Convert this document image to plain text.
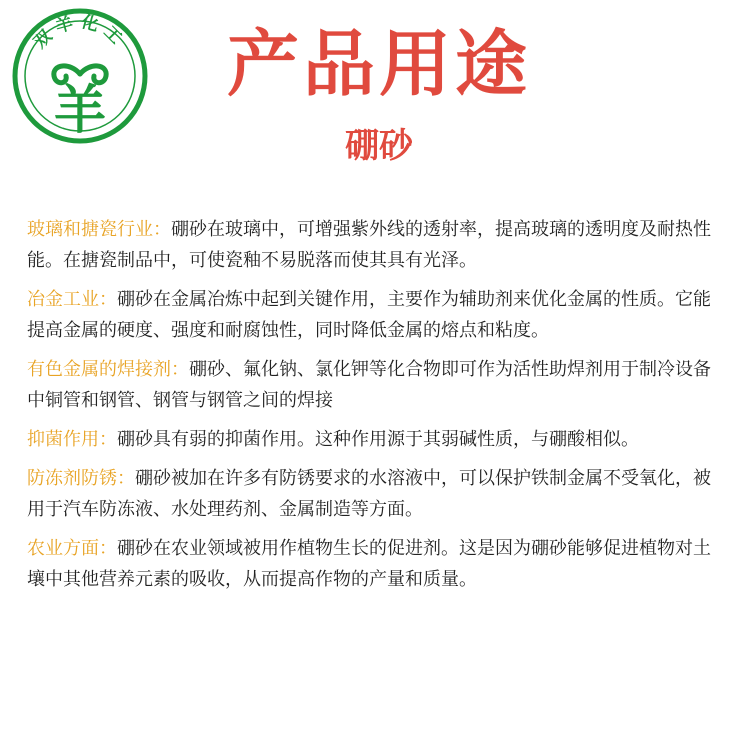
双羊化工
羊
产品用途
硼砂

玻璃和搪瓷行业：硼砂在玻璃中，可增强紫外线的透射率，提高玻璃的透明度及耐热性能。在搪瓷制品中，可使瓷釉不易脱落而使其具有光泽。

冶金工业：硼砂在金属冶炼中起到关键作用，主要作为辅助剂来优化金属的性质。它能提高金属的硬度、强度和耐腐蚀性，同时降低金属的熔点和粘度。

有色金属的焊接剂：硼砂、氟化钠、氯化钾等化合物即可作为活性助焊剂用于制冷设备中铜管和钢管、钢管与钢管之间的焊接

抑菌作用：硼砂具有弱的抑菌作用。这种作用源于其弱碱性质，与硼酸相似。

防冻剂防锈：硼砂被加在许多有防锈要求的水溶液中，可以保护铁制金属不受氧化，被用于汽车防冻液、水处理药剂、金属制造等方面。

农业方面：硼砂在农业领域被用作植物生长的促进剂。这是因为硼砂能够促进植物对土壤中其他营养元素的吸收，从而提高作物的产量和质量。
